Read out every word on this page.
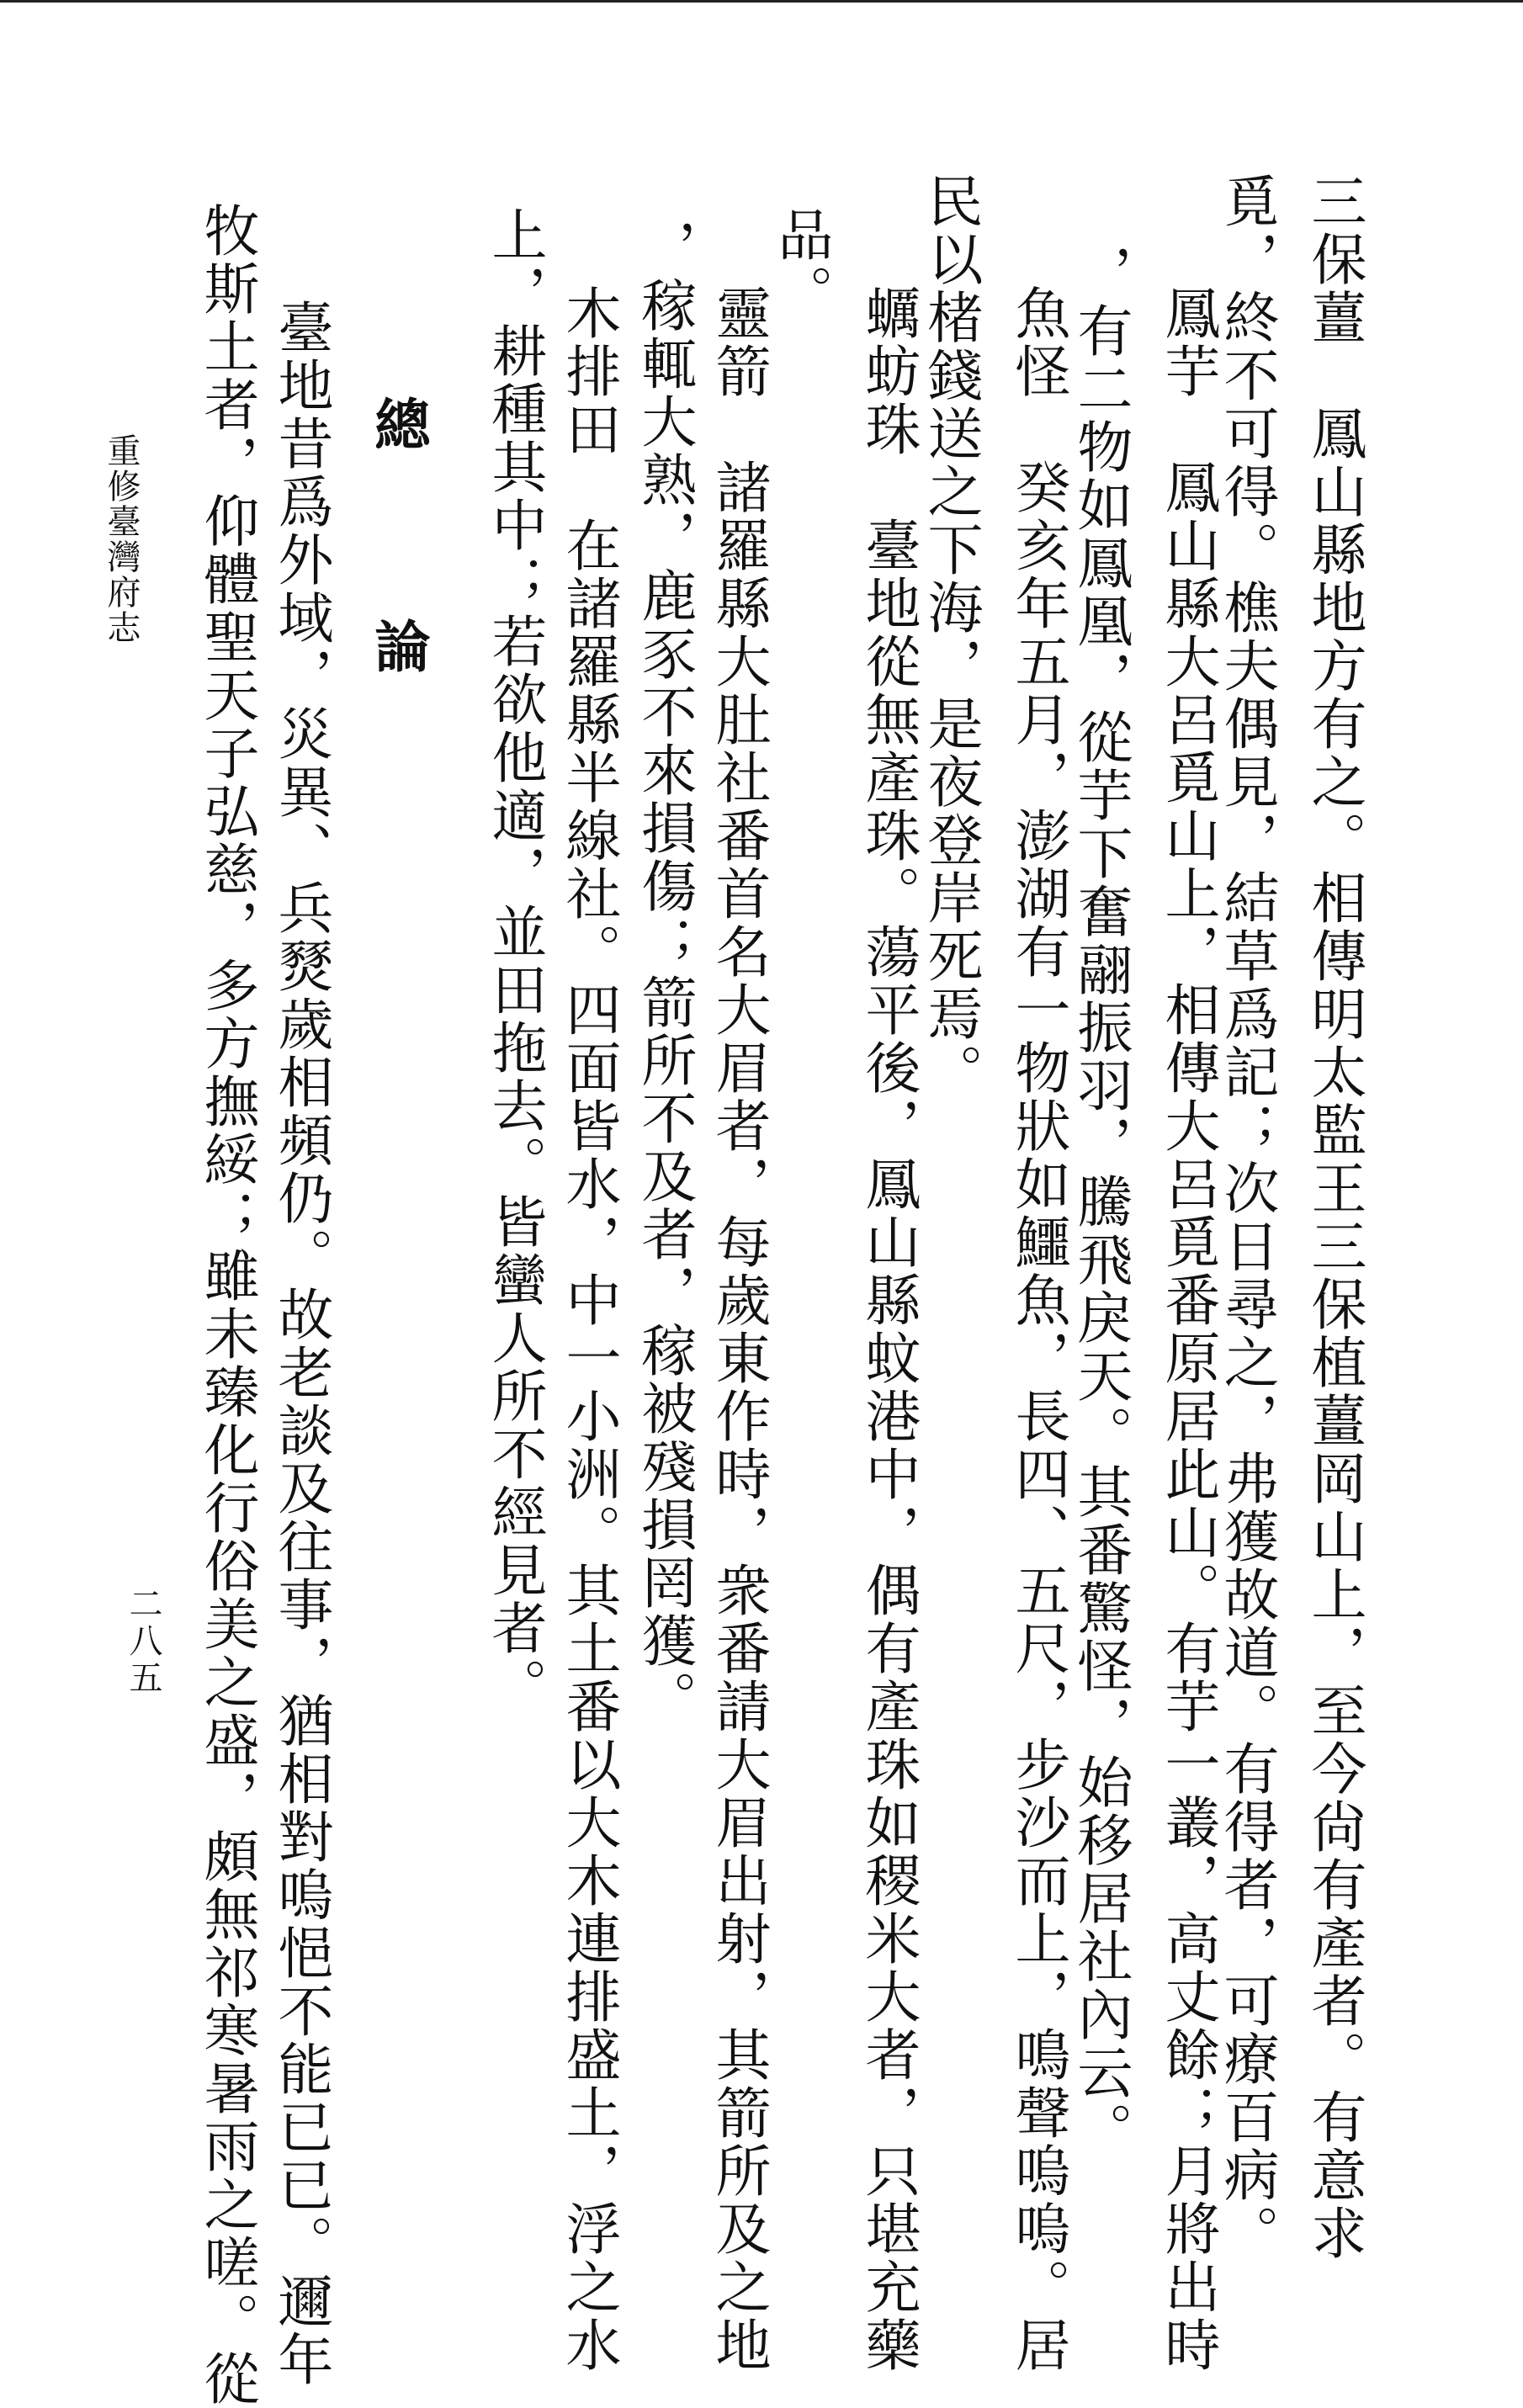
三保薑　鳳山縣地方有之。相傳明太監王三保植薑岡山上，至今尙有產者。有意求
覓，終不可得。樵夫偶見，結草爲記；次日尋之，弗獲故道。有得者，可療百病。
鳳芋　鳳山縣大呂覓山上，相傳大呂覓番原居此山。有芋一叢，高丈餘；月將出時
，有二物如鳳凰，從芋下奮翮振羽，騰飛戾天。其番驚怪，始移居社內云。
魚怪　癸亥年五月，澎湖有一物狀如鱷魚，長四、五尺，步沙而上，鳴聲嗚嗚。居
民以楮錢送之下海，是夜登岸死焉。
蠣蚄珠　臺地從無產珠。蕩平後，鳳山縣蚊港中，偶有產珠如稷米大者，只堪充藥
品。
靈箭　諸羅縣大肚社番首名大眉者，每歲東作時，衆番請大眉出射，其箭所及之地
，稼輒大熟，鹿豕不來損傷；箭所不及者，稼被殘損罔獲。
木排田　在諸羅縣半線社。四面皆水，中一小洲。其土番以大木連排盛土，浮之水
上，耕種其中；若欲他適，並田拖去。皆蠻人所不經見者。
總 論
臺地昔爲外域，災異、兵燹歲相頻仍。故老談及往事，猶相對嗚悒不能已已。邇年
牧斯土者，仰體聖天子弘慈，多方撫綏；雖未臻化行俗美之盛，頗無祁寒暑雨之嗟。從
重修臺灣府志
二八五
